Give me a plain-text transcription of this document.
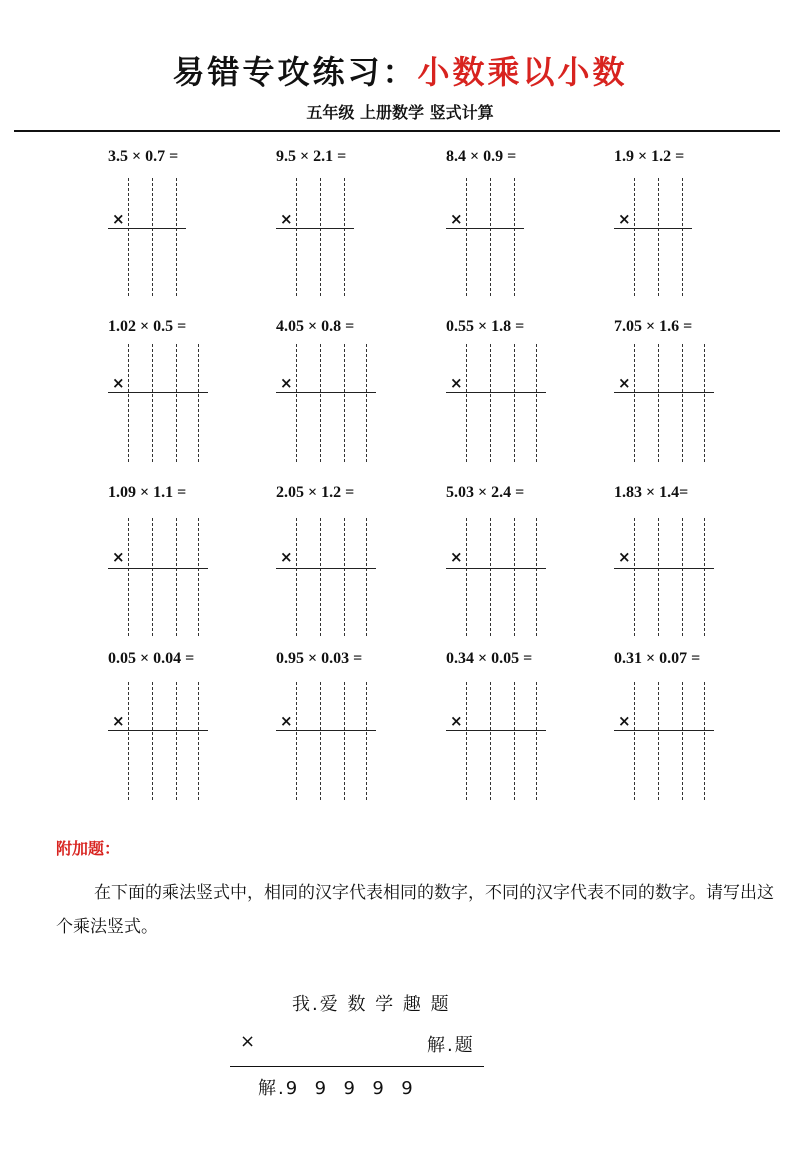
易错专攻练习：小数乘以小数
五年级 上册数学 竖式计算
3.5 × 0.7 =
×
9.5 × 2.1 =
×
8.4 × 0.9 =
×
1.9 × 1.2 =
×
1.02 × 0.5 =
×
4.05 × 0.8 =
×
0.55 × 1.8 =
×
7.05 × 1.6 =
×
1.09 × 1.1 =
×
2.05 × 1.2 =
×
5.03 × 2.4 =
×
1.83 × 1.4=
×
0.05 × 0.04 =
×
0.95 × 0.03 =
×
0.34 × 0.05 =
×
0.31 × 0.07 =
×
附加题：
在下面的乘法竖式中，相同的汉字代表相同的数字，不同的汉字代表不同的数字。请写出这个乘法竖式。
我.爱 数 学 趣 题
×	解.题
解.9  9  9  9  9
